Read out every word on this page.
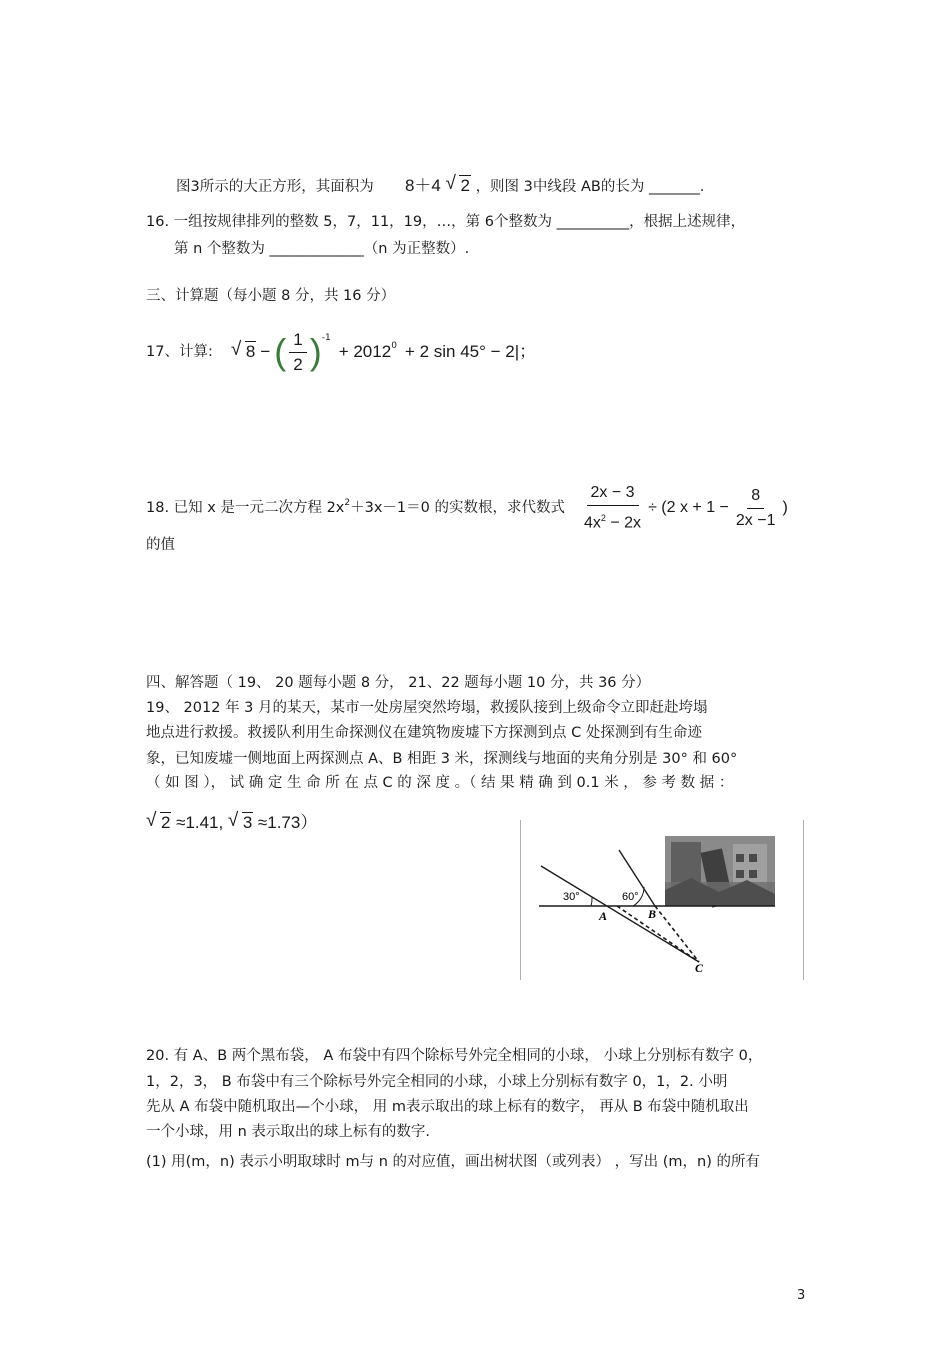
图3所示的大正方形，其面积为 8＋4 √ 2 ，则图 3中线段 AB的长为 _______.
16. 一组按规律排列的整数 5，7，11，19，…，第 6个整数为 __________，根据上述规律，
第 n 个整数为 _____________（n 为正整数）.
三、计算题（每小题 8 分，共 16 分）
17、计算:	√ 8 − ( $\frac{1}{2} )^{-1}$
+ $2012^0 + 2$ sin 45° − 2|；
18. 已知 x 是一元二次方程 $2x^2 +3x-1=0$ 的实数根，求代数式 $\frac{2x - 3}{4x^2 - 2x} \div (2$ $x + 1 - \frac{8}{2x -1}$ )
的值
四、解答题（ 19、 20 题每小题 8 分， 21、22 题每小题 10 分，共 36 分）
19、 2012 年 3 月的某天，某市一处房屋突然垮塌，救援队接到上级命令立即赶赴垮塌
地点进行救援。救援队利用生命探测仪在建筑物废墟下方探测到点 C 处探测到有生命迹
象，已知废墟一侧地面上两探测点 A、B 相距 3 米，探测线与地面的夹角分别是 30° 和 60°
（ 如 图 ）， 试 确 定 生 命 所 在 点 C 的 深 度 。（ 结 果 精 确 到 0.1 米 ， 参 考 数 据 ：
√ 2 ≈1.41, √ 3 ≈1.73）
30°	60°
A	B
C
20. 有 A、B 两个黑布袋， A 布袋中有四个除标号外完全相同的小球， 小球上分别标有数字 0，
1，2，3， B 布袋中有三个除标号外完全相同的小球，小球上分别标有数字 0，1，2. 小明
先从 A 布袋中随机取出—个小球， 用 m表示取出的球上标有的数字， 再从 B 布袋中随机取出
一个小球，用 n 表示取出的球上标有的数字.
(1) 用(m，n) 表示小明取球时 m与 n 的对应值，画出树状图（或列表） ，写出 (m，n) 的所有
3
